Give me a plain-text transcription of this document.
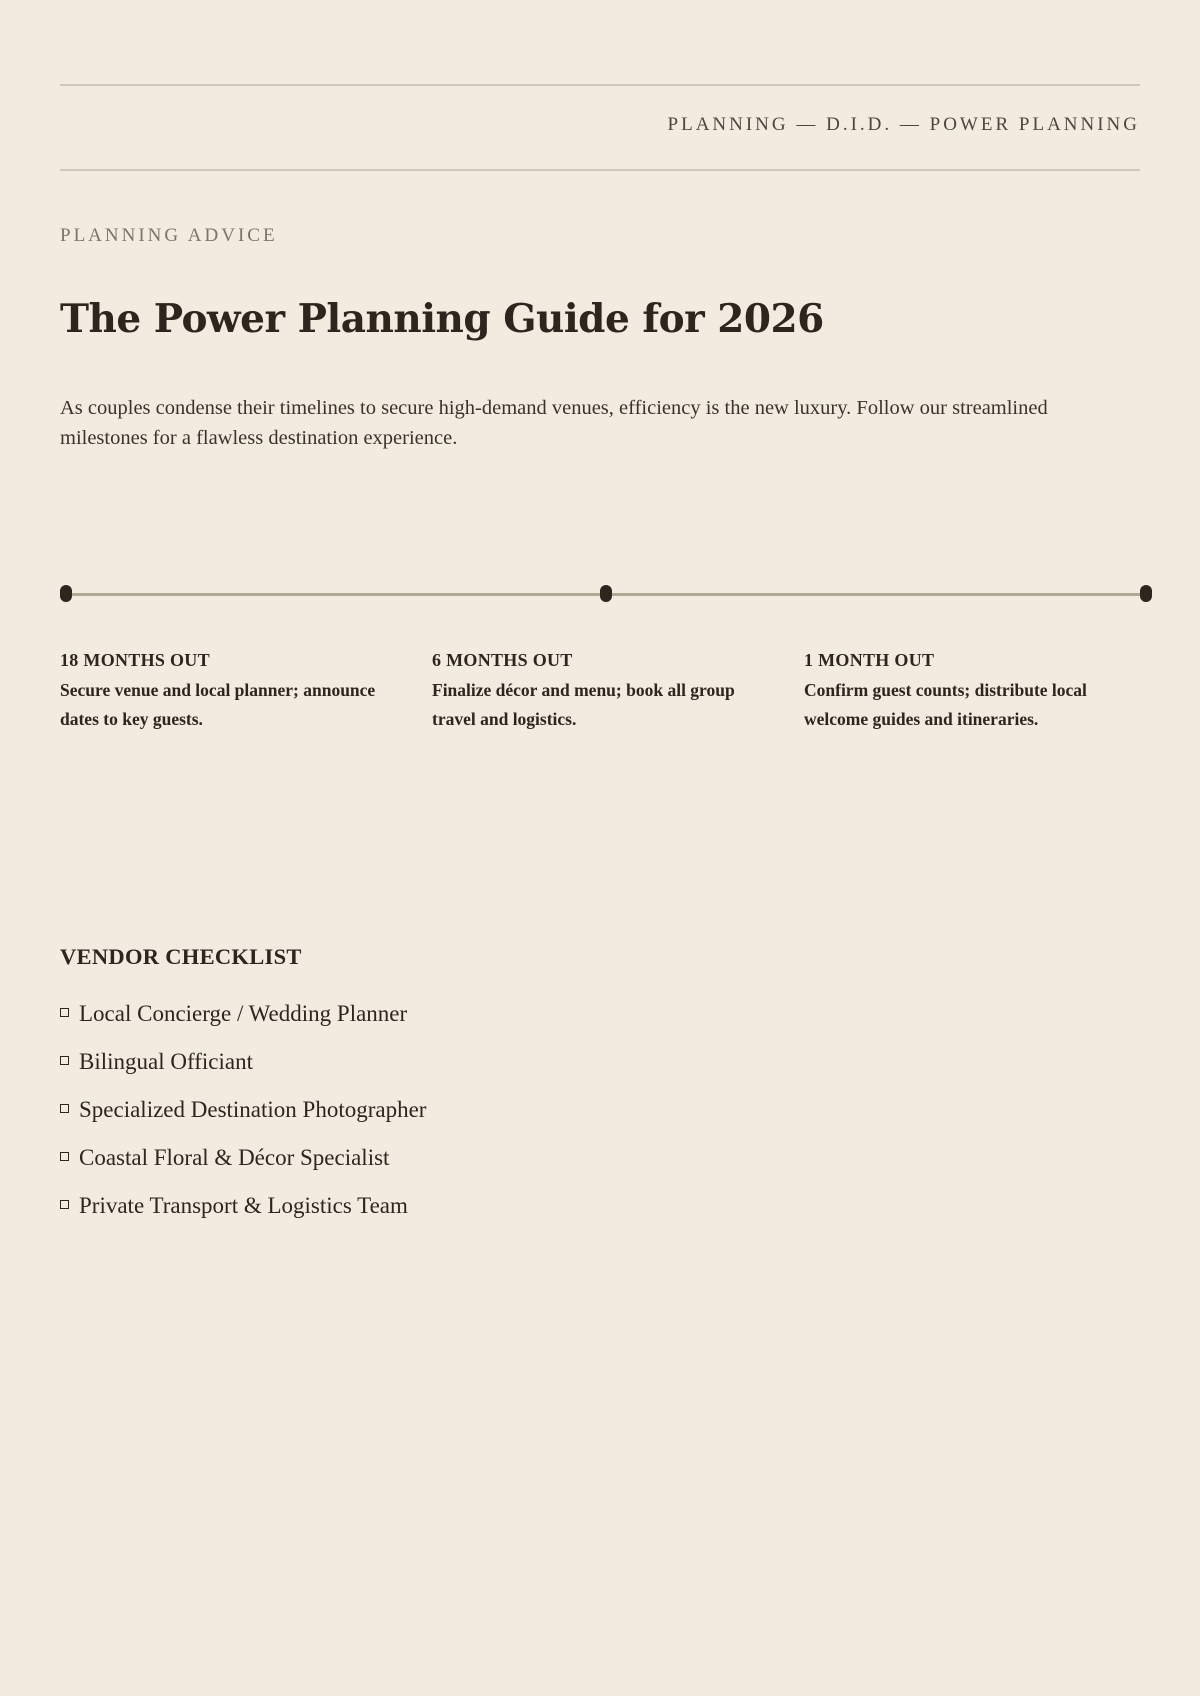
PLANNING — D.I.D. — POWER PLANNING
PLANNING ADVICE
The Power Planning Guide for 2026

As couples condense their timelines to secure high-demand venues, efficiency is the new luxury. Follow our streamlined milestones for a flawless destination experience.

18 MONTHS OUT
Secure venue and local planner; announce dates to key guests.
6 MONTHS OUT
Finalize décor and menu; book all group travel and logistics.
1 MONTH OUT
Confirm guest counts; distribute local welcome guides and itineraries.
VENDOR CHECKLIST
Local Concierge / Wedding Planner
Bilingual Officiant
Specialized Destination Photographer
Coastal Floral & Décor Specialist
Private Transport & Logistics Team
